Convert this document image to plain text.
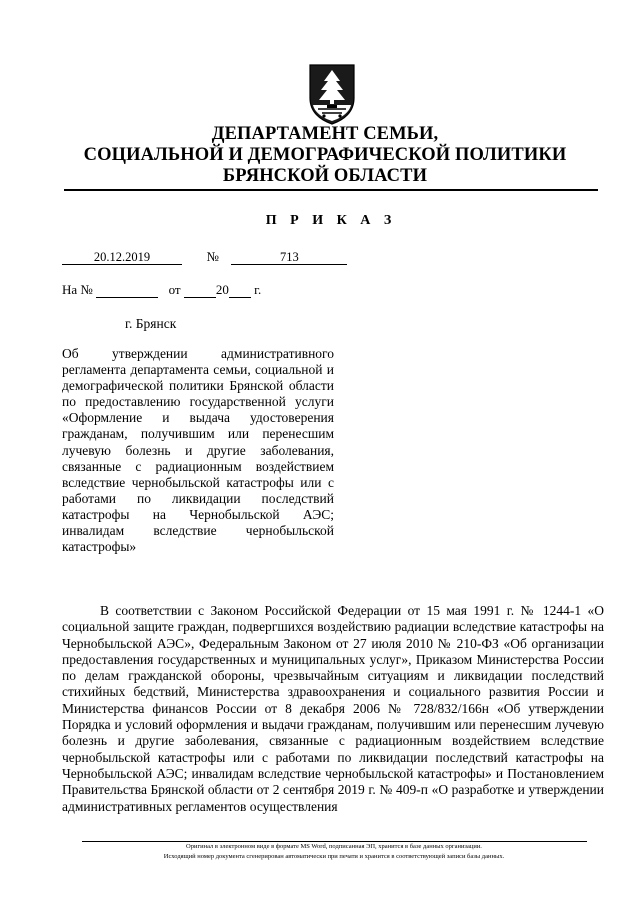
ДЕПАРТАМЕНТ СЕМЬИ,
СОЦИАЛЬНОЙ И ДЕМОГРАФИЧЕСКОЙ ПОЛИТИКИ
БРЯНСКОЙ ОБЛАСТИ
П Р И К А З
20.12.2019	№	713
На №	от	20 г.
г. Брянск

Об утверждении административного регламента департамента семьи, социальной и демографической политики Брянской области по предоставлению государственной услуги «Оформление и выдача удостоверения гражданам, получившим или перенесшим лучевую болезнь и другие заболевания, связанные с радиационным воздействием вследствие чернобыльской катастрофы или с работами по ликвидации последствий катастрофы на Чернобыльской АЭС; инвалидам вследствие чернобыльской катастрофы»

В соответствии с Законом Российской Федерации от 15 мая 1991 г. № 1244-1 «О социальной защите граждан, подвергшихся воздействию радиации вследствие катастрофы на Чернобыльской АЭС», Федеральным Законом от 27 июля 2010 № 210-ФЗ «Об организации предоставления государственных и муниципальных услуг», Приказом Министерства России по делам гражданской обороны, чрезвычайным ситуациям и ликвидации последствий стихийных бедствий, Министерства здравоохранения и социального развития России и Министерства финансов России от 8 декабря 2006 № 728/832/166н «Об утверждении Порядка и условий оформления и выдачи гражданам, получившим или перенесшим лучевую болезнь и другие заболевания, связанные с радиационным воздействием вследствие чернобыльской катастрофы или с работами по ликвидации последствий катастрофы на Чернобыльской АЭС; инвалидам вследствие чернобыльской катастрофы» и Постановлением Правительства Брянской области от 2 сентября 2019 г. № 409-п «О разработке и утверждении административных регламентов осуществления

Оригинал в электронном виде в формате MS Word, подписанная ЭП, хранится в базе данных организации.
Исходящий номер документа сгенерирован автоматически при печати и хранится в соответствующей записи базы данных.
